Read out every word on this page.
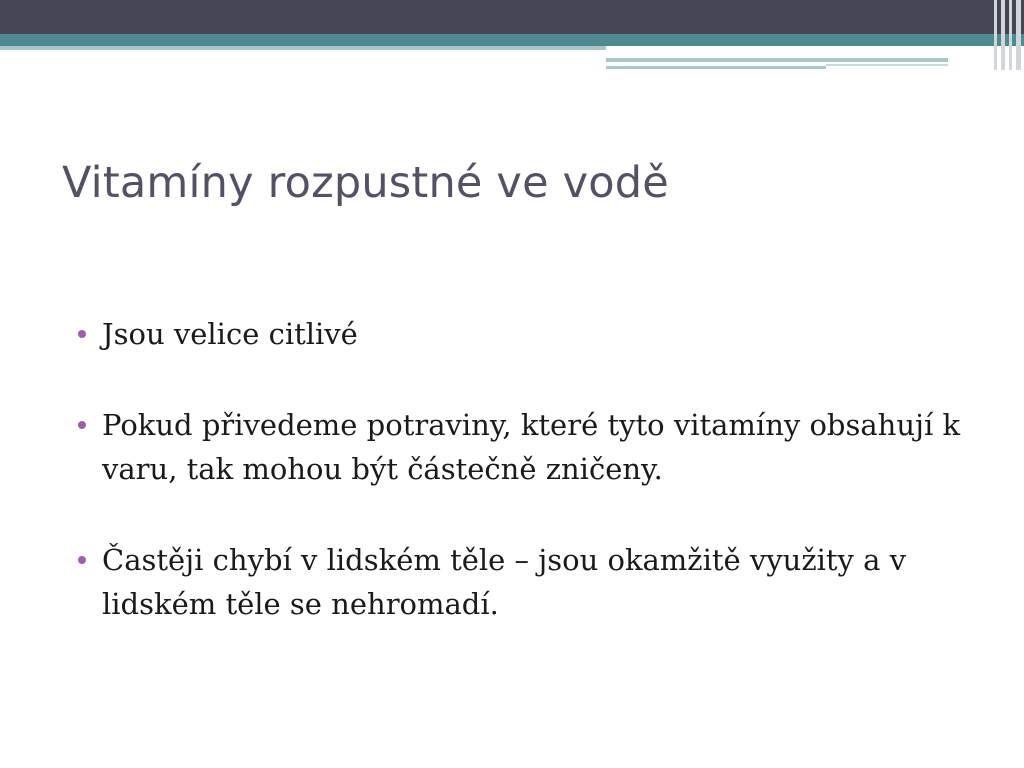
Vitamíny rozpustné ve vodě
Jsou velice citlivé
Pokud přivedeme potraviny, které tyto vitamíny obsahují k varu, tak mohou být částečně zničeny.
Častěji chybí v lidském těle – jsou okamžitě využity a v lidském těle se nehromadí.
